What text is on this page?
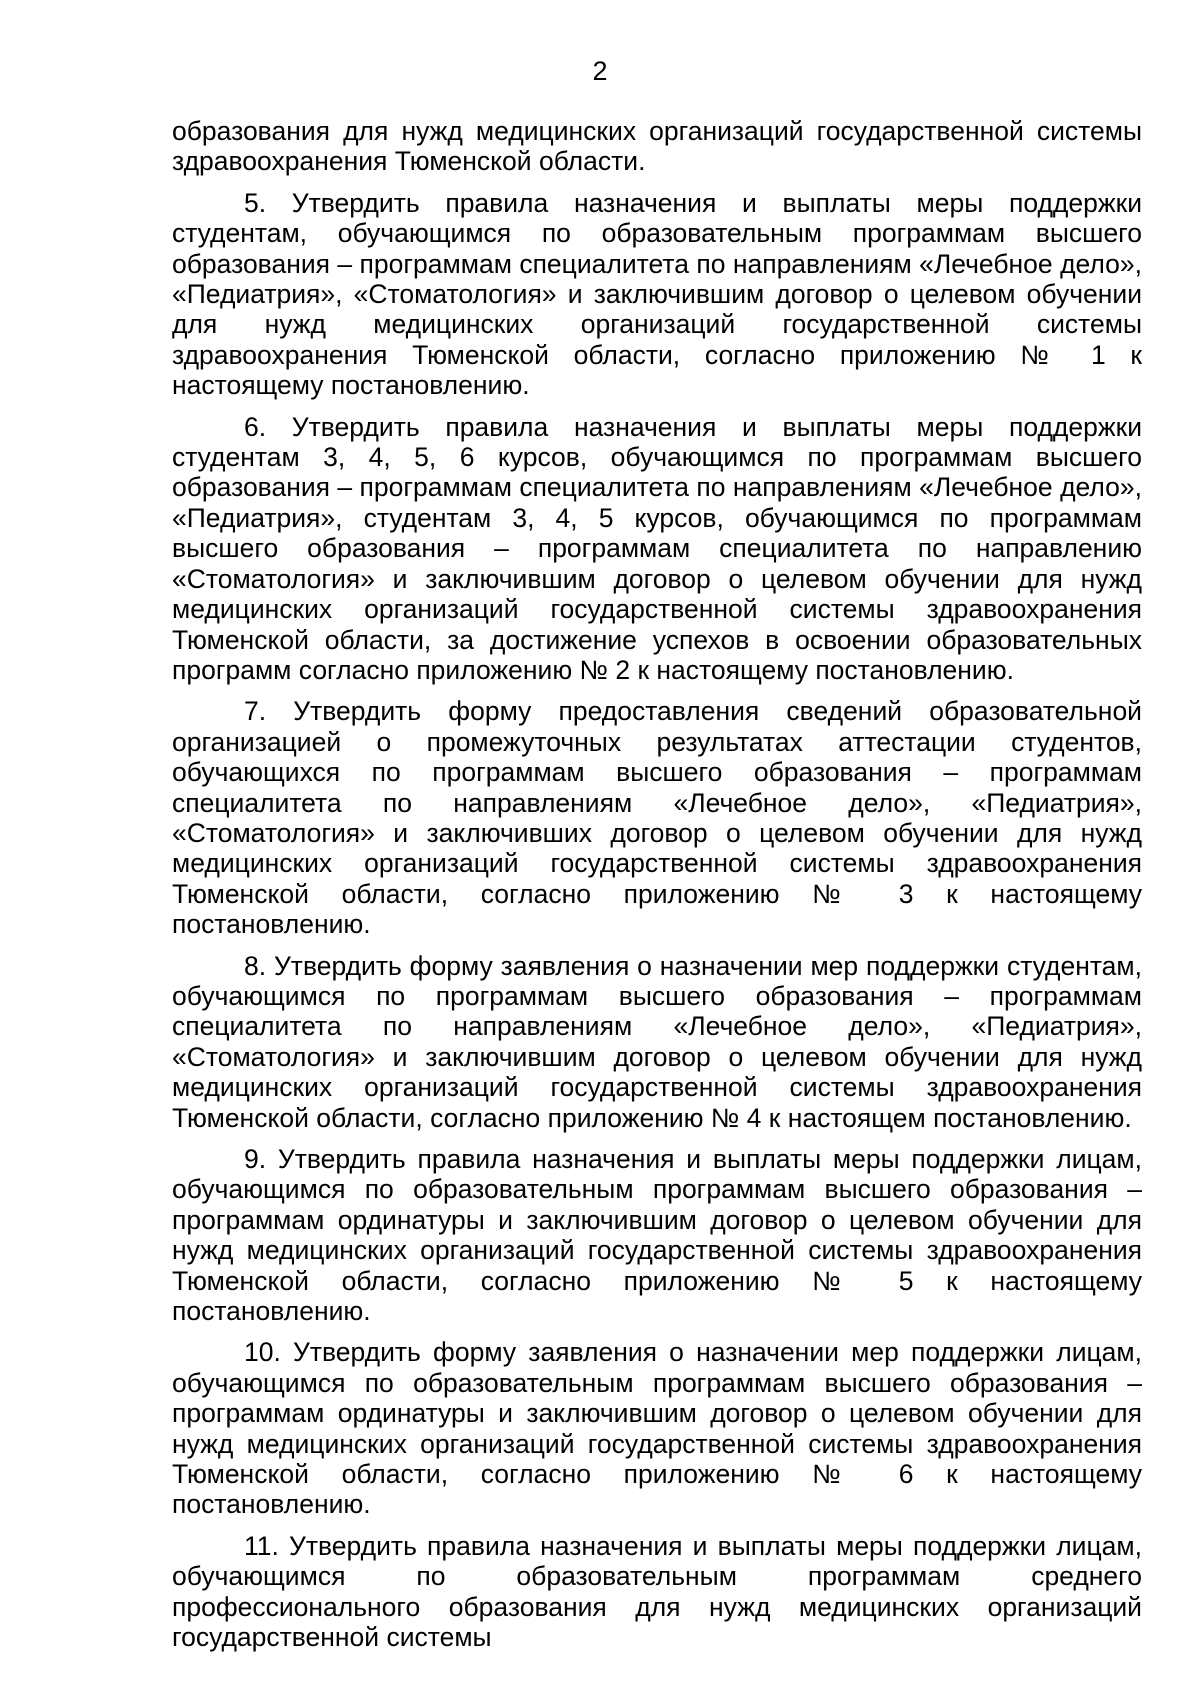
2

образования для нужд медицинских организаций государственной системы здравоохранения Тюменской области.

5. Утвердить правила назначения и выплаты меры поддержки студентам, обучающимся по образовательным программам высшего образования – программам специалитета по направлениям «Лечебное дело», «Педиатрия», «Стоматология» и заключившим договор о целевом обучении для нужд медицинских организаций государственной системы здравоохранения Тюменской области, согласно приложению № 1 к настоящему постановлению.

6. Утвердить правила назначения и выплаты меры поддержки студентам 3, 4, 5, 6 курсов, обучающимся по программам высшего образования – программам специалитета по направлениям «Лечебное дело», «Педиатрия», студентам 3, 4, 5 курсов, обучающимся по программам высшего образования – программам специалитета по направлению «Стоматология» и заключившим договор о целевом обучении для нужд медицинских организаций государственной системы здравоохранения Тюменской области, за достижение успехов в освоении образовательных программ согласно приложению № 2 к настоящему постановлению.

7. Утвердить форму предоставления сведений образовательной организацией о промежуточных результатах аттестации студентов, обучающихся по программам высшего образования – программам специалитета по направлениям «Лечебное дело», «Педиатрия», «Стоматология» и заключивших договор о целевом обучении для нужд медицинских организаций государственной системы здравоохранения Тюменской области, согласно приложению № 3 к настоящему постановлению.

8. Утвердить форму заявления о назначении мер поддержки студентам, обучающимся по программам высшего образования – программам специалитета по направлениям «Лечебное дело», «Педиатрия», «Стоматология» и заключившим договор о целевом обучении для нужд медицинских организаций государственной системы здравоохранения Тюменской области, согласно приложению № 4 к настоящем постановлению.

9. Утвердить правила назначения и выплаты меры поддержки лицам, обучающимся по образовательным программам высшего образования – программам ординатуры и заключившим договор о целевом обучении для нужд медицинских организаций государственной системы здравоохранения Тюменской области, согласно приложению № 5 к настоящему постановлению.

10. Утвердить форму заявления о назначении мер поддержки лицам, обучающимся по образовательным программам высшего образования – программам ординатуры и заключившим договор о целевом обучении для нужд медицинских организаций государственной системы здравоохранения Тюменской области, согласно приложению № 6 к настоящему постановлению.

11. Утвердить правила назначения и выплаты меры поддержки лицам, обучающимся по образовательным программам среднего профессионального образования для нужд медицинских организаций государственной системы
